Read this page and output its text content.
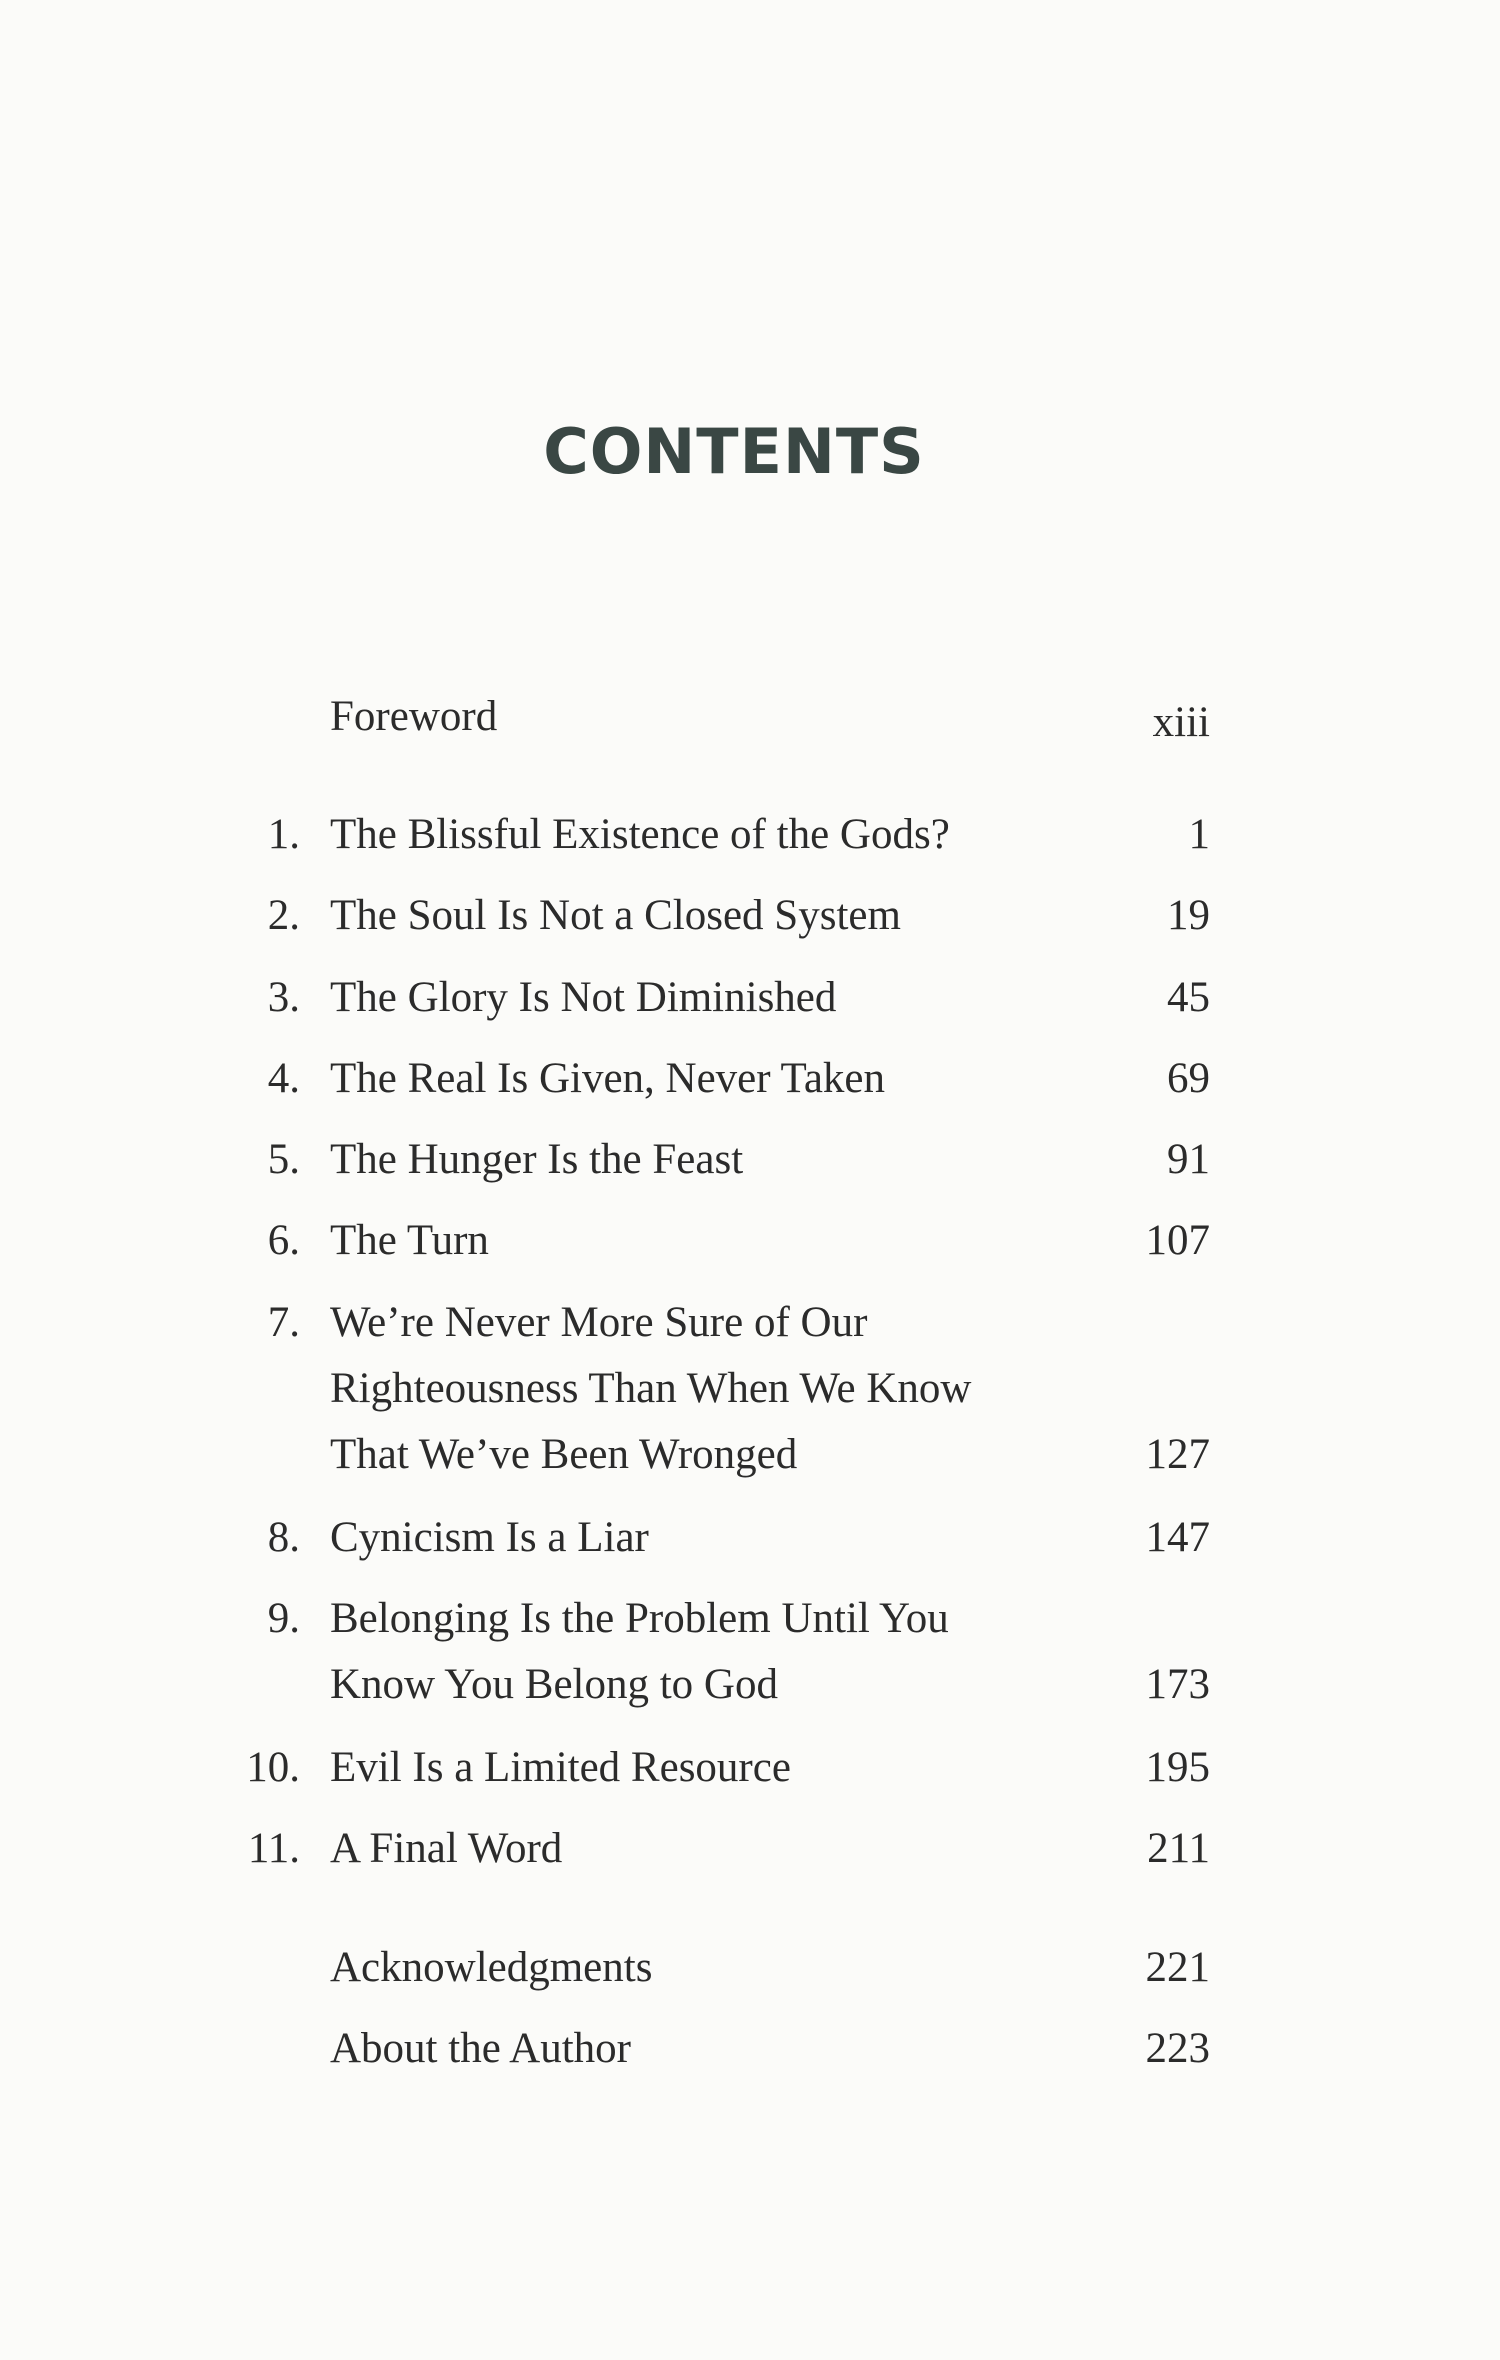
CONTENTS
Foreword	xiii
1. The Blissful Existence of the Gods?	1
2. The Soul Is Not a Closed System	19
3. The Glory Is Not Diminished	45
4. The Real Is Given, Never Taken	69
5. The Hunger Is the Feast	91
6. The Turn	107
7. We’re Never More Sure of Our
Righteousness Than When We Know
That We’ve Been Wronged	127
8. Cynicism Is a Liar	147
9. Belonging Is the Problem Until You
Know You Belong to God	173
10. Evil Is a Limited Resource	195
11. A Final Word	211
Acknowledgments	221
About the Author	223
